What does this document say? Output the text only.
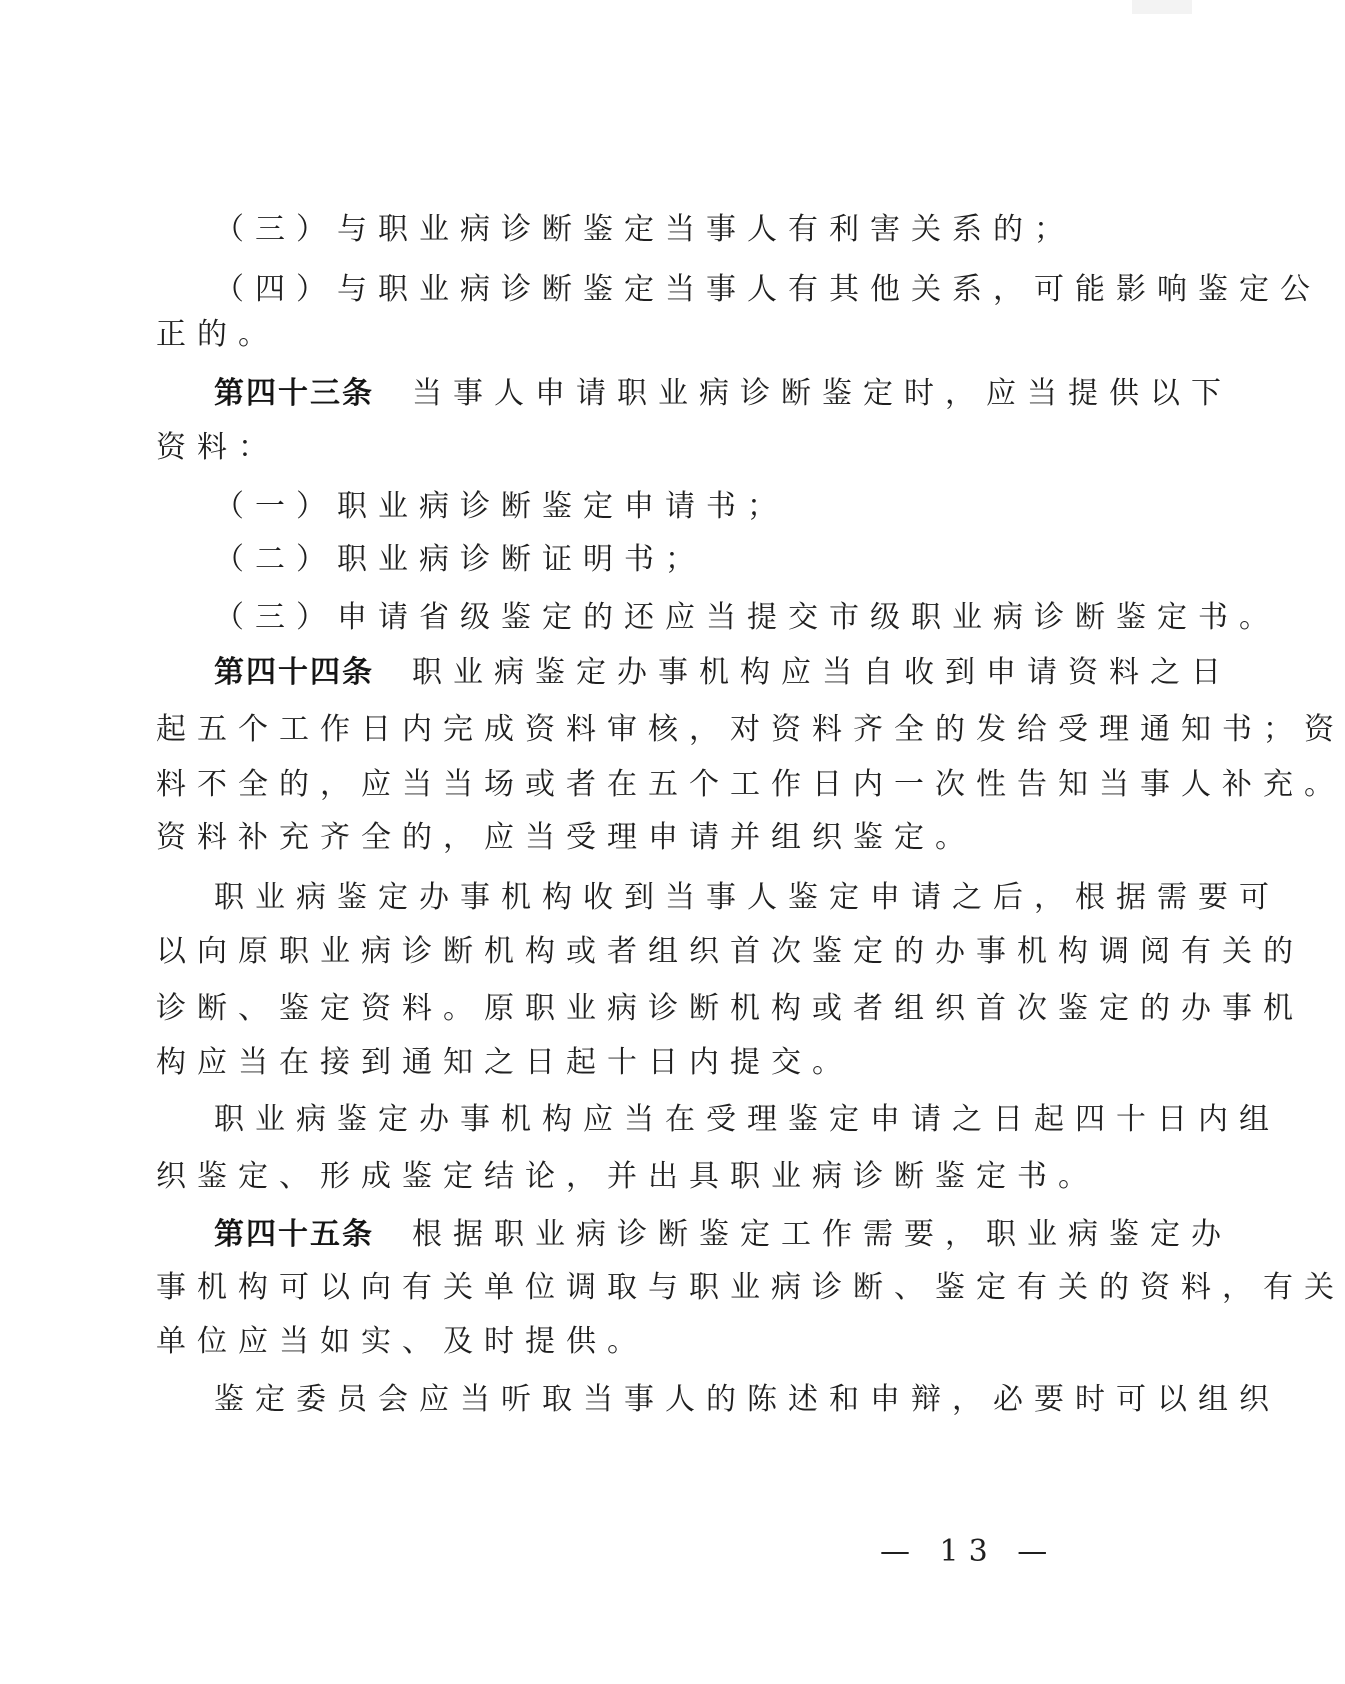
（三）与职业病诊断鉴定当事人有利害关系的；
（四）与职业病诊断鉴定当事人有其他关系，可能影响鉴定公
正的。
第四十三条 当事人申请职业病诊断鉴定时，应当提供以下
资料：
（一）职业病诊断鉴定申请书；
（二）职业病诊断证明书；
（三）申请省级鉴定的还应当提交市级职业病诊断鉴定书。
第四十四条 职业病鉴定办事机构应当自收到申请资料之日
起五个工作日内完成资料审核，对资料齐全的发给受理通知书；资
料不全的，应当当场或者在五个工作日内一次性告知当事人补充。
资料补充齐全的，应当受理申请并组织鉴定。
职业病鉴定办事机构收到当事人鉴定申请之后，根据需要可
以向原职业病诊断机构或者组织首次鉴定的办事机构调阅有关的
诊断、鉴定资料。原职业病诊断机构或者组织首次鉴定的办事机
构应当在接到通知之日起十日内提交。
职业病鉴定办事机构应当在受理鉴定申请之日起四十日内组
织鉴定、形成鉴定结论，并出具职业病诊断鉴定书。
第四十五条 根据职业病诊断鉴定工作需要，职业病鉴定办
事机构可以向有关单位调取与职业病诊断、鉴定有关的资料，有关
单位应当如实、及时提供。
鉴定委员会应当听取当事人的陈述和申辩，必要时可以组织
— 13 —
